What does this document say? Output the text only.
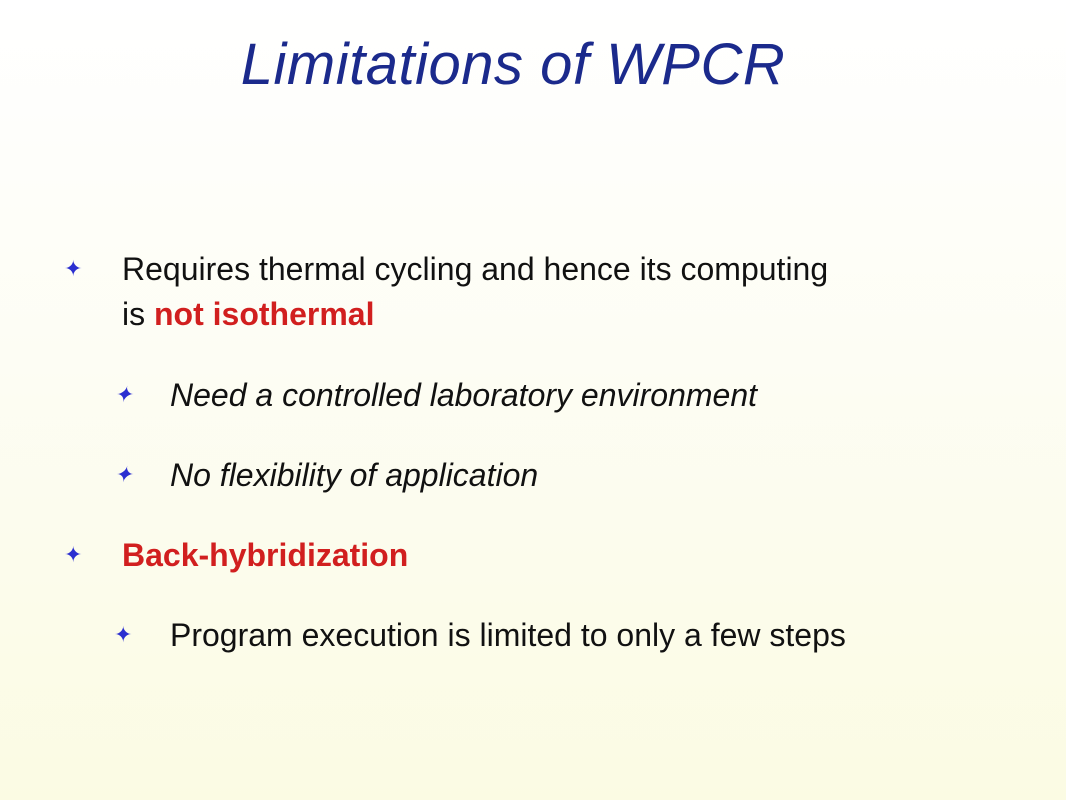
Limitations of WPCR
✦ Requires thermal cycling and hence its computing
is not isothermal
✦ Need a controlled laboratory environment
✦ No flexibility of application
✦ Back-hybridization
✦ Program execution is limited to only a few steps
